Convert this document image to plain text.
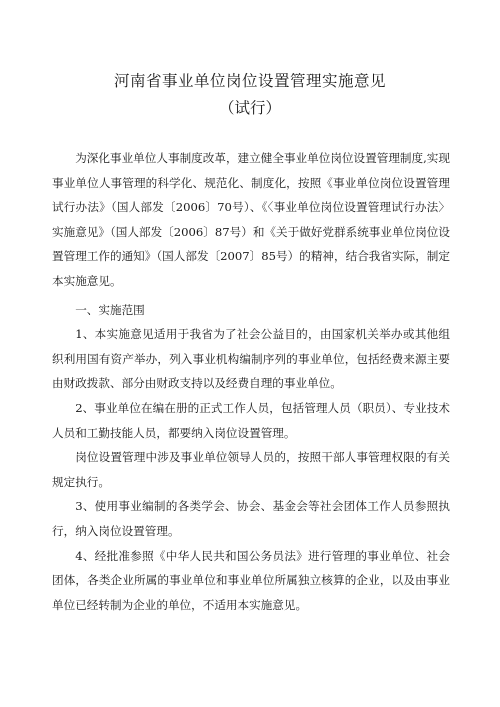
河南省事业单位岗位设置管理实施意见
（试行）

为深化事业单位人事制度改革，建立健全事业单位岗位设置管理制度,实现事业单位人事管理的科学化、规范化、制度化，按照《事业单位岗位设置管理试行办法》（国人部发〔2006〕70号）、《〈事业单位岗位设置管理试行办法〉实施意见》（国人部发〔2006〕87号）和《关于做好党群系统事业单位岗位设置管理工作的通知》（国人部发〔2007〕85号）的精神，结合我省实际，制定本实施意见。

一、实施范围

1、本实施意见适用于我省为了社会公益目的，由国家机关举办或其他组织利用国有资产举办，列入事业机构编制序列的事业单位，包括经费来源主要由财政拨款、部分由财政支持以及经费自理的事业单位。

2、事业单位在编在册的正式工作人员，包括管理人员（职员）、专业技术人员和工勤技能人员，都要纳入岗位设置管理。

岗位设置管理中涉及事业单位领导人员的，按照干部人事管理权限的有关规定执行。

3、使用事业编制的各类学会、协会、基金会等社会团体工作人员参照执行，纳入岗位设置管理。

4、经批准参照《中华人民共和国公务员法》进行管理的事业单位、社会团体，各类企业所属的事业单位和事业单位所属独立核算的企业，以及由事业单位已经转制为企业的单位，不适用本实施意见。
